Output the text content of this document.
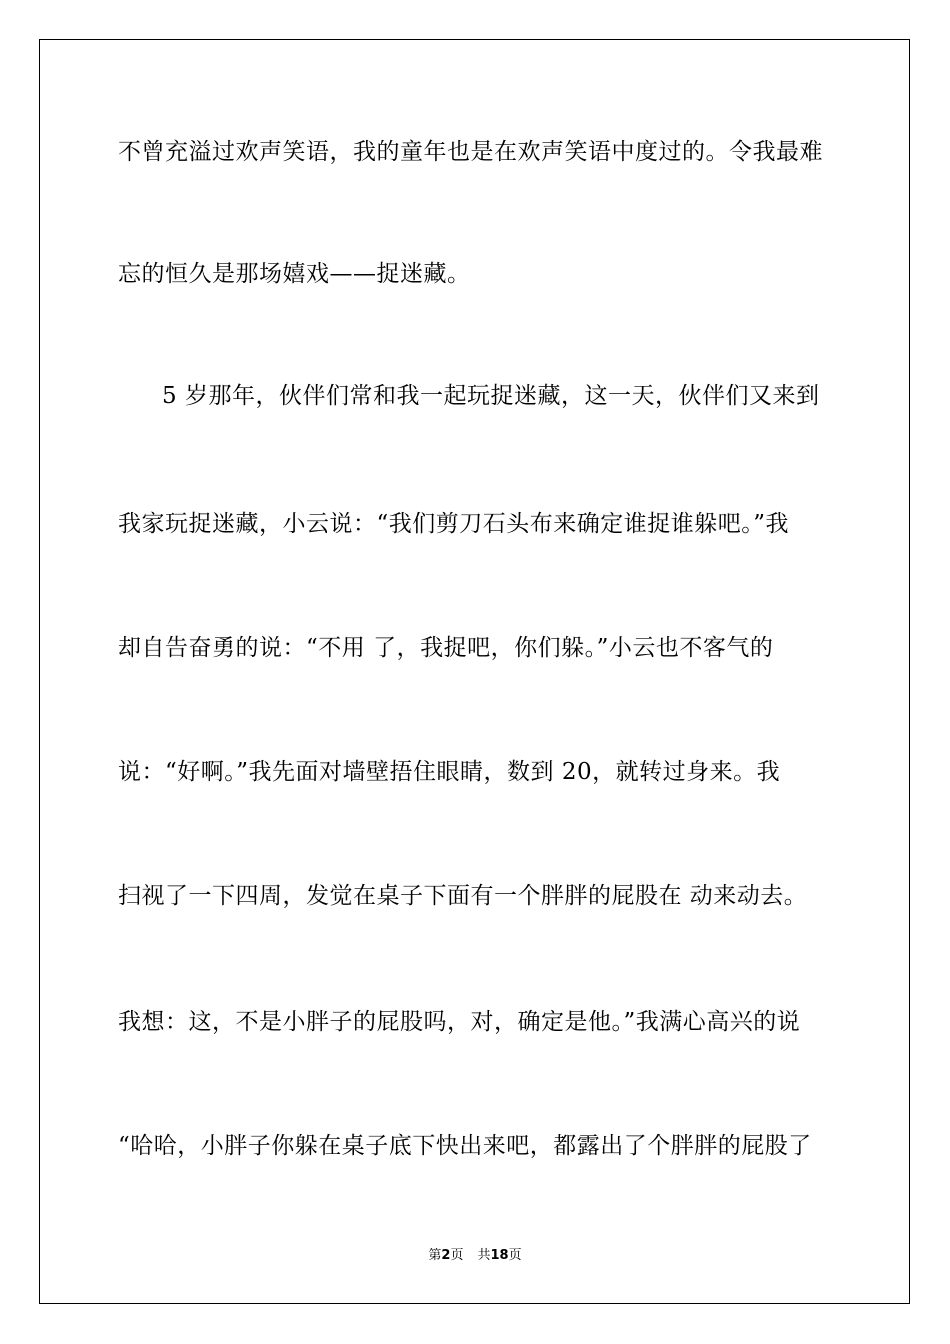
不曾充溢过欢声笑语，我的童年也是在欢声笑语中度过的。令我最难
忘的恒久是那场嬉戏——捉迷藏。
5 岁那年，伙伴们常和我一起玩捉迷藏，这一天，伙伴们又来到
我家玩捉迷藏，小云说：“我们剪刀石头布来确定谁捉谁躲吧。”我
却自告奋勇的说：“不用 了，我捉吧，你们躲。”小云也不客气的
说：“好啊。”我先面对墙壁捂住眼睛，数到 20，就转过身来。我
扫视了一下四周，发觉在桌子下面有一个胖胖的屁股在 动来动去。
我想：这，不是小胖子的屁股吗，对，确定是他。”我满心高兴的说
“哈哈，小胖子你躲在桌子底下快出来吧，都露出了个胖胖的屁股了
第2页 共18页
